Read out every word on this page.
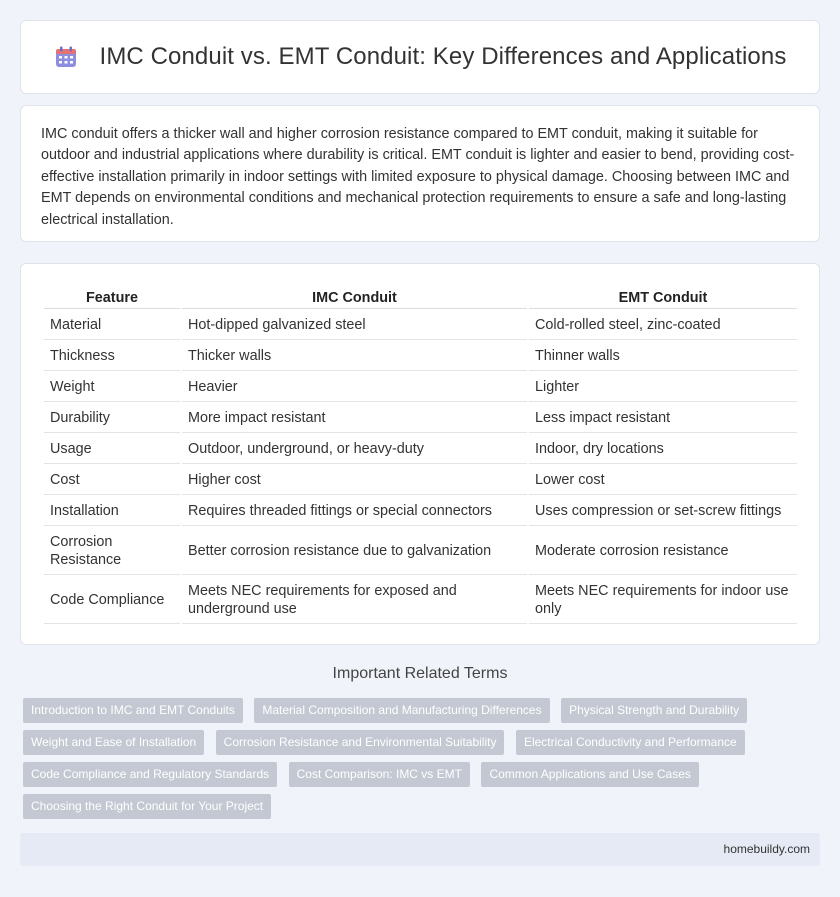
IMC Conduit vs. EMT Conduit: Key Differences and Applications

IMC conduit offers a thicker wall and higher corrosion resistance compared to EMT conduit, making it suitable for outdoor and industrial applications where durability is critical. EMT conduit is lighter and easier to bend, providing cost-effective installation primarily in indoor settings with limited exposure to physical damage. Choosing between IMC and EMT depends on environmental conditions and mechanical protection requirements to ensure a safe and long-lasting electrical installation.

Feature	IMC Conduit	EMT Conduit
Material	Hot-dipped galvanized steel	Cold-rolled steel, zinc-coated
Thickness	Thicker walls	Thinner walls
Weight	Heavier	Lighter
Durability	More impact resistant	Less impact resistant
Usage	Outdoor, underground, or heavy-duty	Indoor, dry locations
Cost	Higher cost	Lower cost
Installation	Requires threaded fittings or special connectors	Uses compression or set-screw fittings
Corrosion Resistance	Better corrosion resistance due to galvanization	Moderate corrosion resistance
Code Compliance	Meets NEC requirements for exposed and underground use	Meets NEC requirements for indoor use only
Important Related Terms
Introduction to IMC and EMT Conduits Material Composition and Manufacturing Differences Physical Strength and Durability Weight and Ease of Installation Corrosion Resistance and Environmental Suitability Electrical Conductivity and Performance Code Compliance and Regulatory Standards Cost Comparison: IMC vs EMT Common Applications and Use Cases Choosing the Right Conduit for Your Project
homebuildy.com
